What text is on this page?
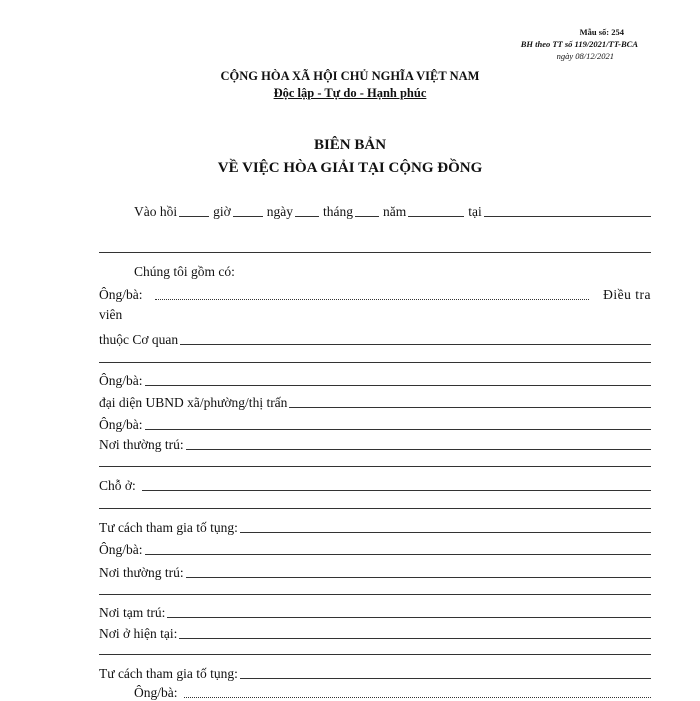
Mẫu số: 254
BH theo TT số 119/2021/TT-BCA
ngày 08/12/2021
CỘNG HÒA XÃ HỘI CHỦ NGHĨA VIỆT NAM
Độc lập - Tự do - Hạnh phúc
BIÊN BẢN
VỀ VIỆC HÒA GIẢI TẠI CỘNG ĐỒNG
Vào hồi	giờ	ngày tháng năm	tại
Chúng tôi gồm có:
Ông/bà:	Điều tra
viên
thuộc Cơ quan
Ông/bà:
đại diện UBND xã/phường/thị trấn
Ông/bà:
Nơi thường trú:
Chỗ ở:
Tư cách tham gia tố tụng:
Ông/bà:
Nơi thường trú:
Nơi tạm trú:
Nơi ở hiện tại:
Tư cách tham gia tố tụng:
Ông/bà:
